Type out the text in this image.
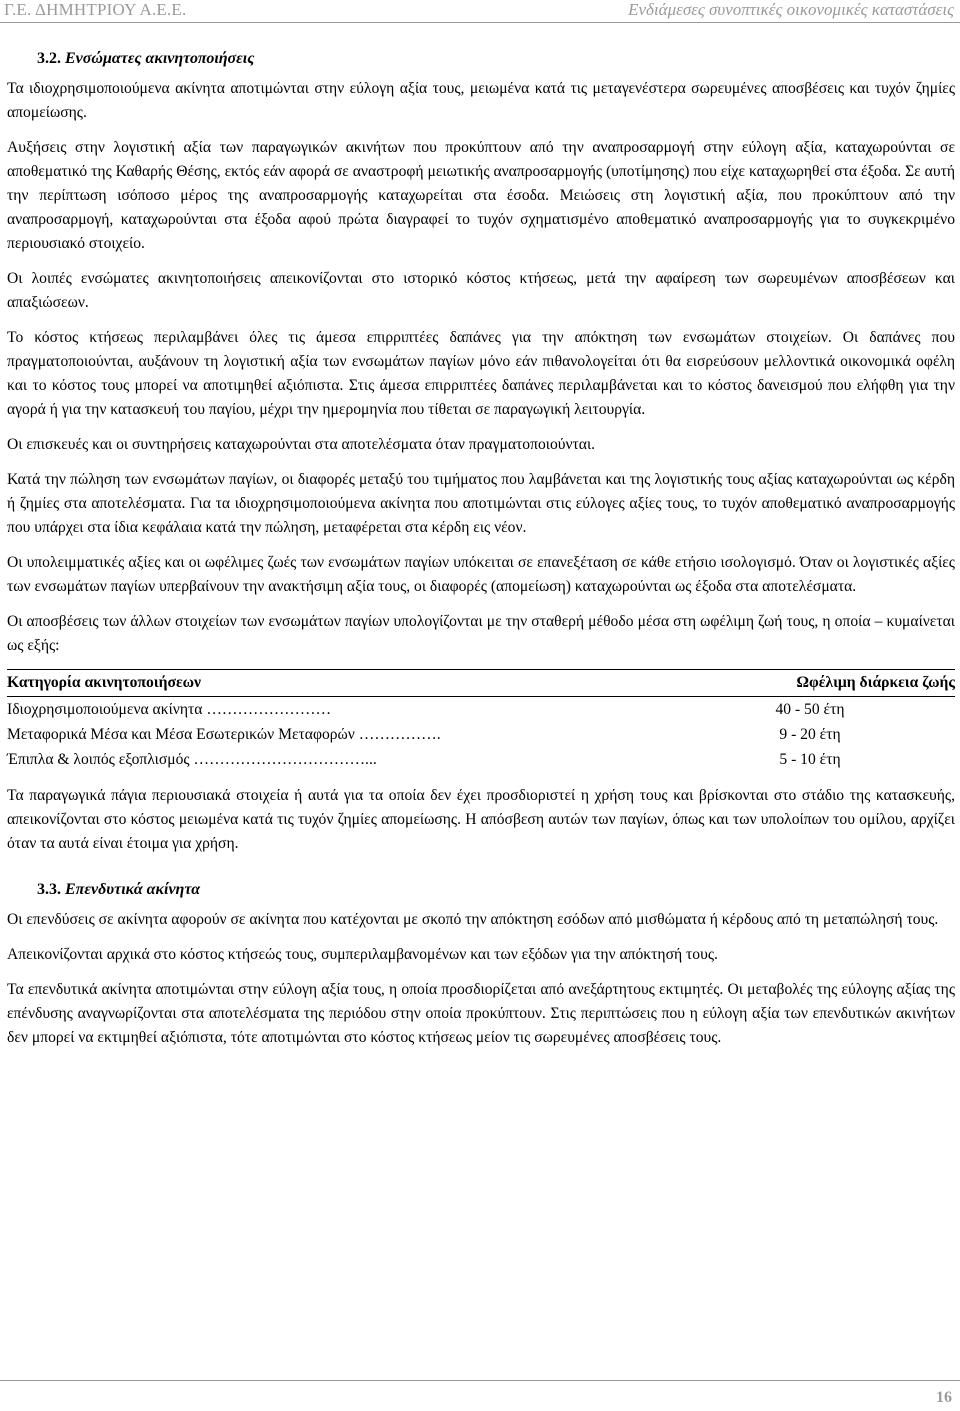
Γ.Ε. ΔΗΜΗΤΡΙΟΥ Α.Ε.Ε.	Ενδιάμεσες συνοπτικές οικονομικές καταστάσεις
3.2. Ενσώματες ακινητοποιήσεις

Τα ιδιοχρησιμοποιούμενα ακίνητα αποτιμώνται στην εύλογη αξία τους, μειωμένα κατά τις μεταγενέστερα σωρευμένες αποσβέσεις και τυχόν ζημίες απομείωσης.

Αυξήσεις στην λογιστική αξία των παραγωγικών ακινήτων που προκύπτουν από την αναπροσαρμογή στην εύλογη αξία, καταχωρούνται σε αποθεματικό της Καθαρής Θέσης, εκτός εάν αφορά σε αναστροφή μειωτικής αναπροσαρμογής (υποτίμησης) που είχε καταχωρηθεί στα έξοδα. Σε αυτή την περίπτωση ισόποσο μέρος της αναπροσαρμογής καταχωρείται στα έσοδα. Μειώσεις στη λογιστική αξία, που προκύπτουν από την αναπροσαρμογή, καταχωρούνται στα έξοδα αφού πρώτα διαγραφεί το τυχόν σχηματισμένο αποθεματικό αναπροσαρμογής για το συγκεκριμένο περιουσιακό στοιχείο.

Οι λοιπές ενσώματες ακινητοποιήσεις απεικονίζονται στο ιστορικό κόστος κτήσεως, μετά την αφαίρεση των σωρευμένων αποσβέσεων και απαξιώσεων.

Το κόστος κτήσεως περιλαμβάνει όλες τις άμεσα επιρριπτέες δαπάνες για την απόκτηση των ενσωμάτων στοιχείων. Οι δαπάνες που πραγματοποιούνται, αυξάνουν τη λογιστική αξία των ενσωμάτων παγίων μόνο εάν πιθανολογείται ότι θα εισρεύσουν μελλοντικά οικονομικά οφέλη και το κόστος τους μπορεί να αποτιμηθεί αξιόπιστα. Στις άμεσα επιρριπτέες δαπάνες περιλαμβάνεται και το κόστος δανεισμού που ελήφθη για την αγορά ή για την κατασκευή του παγίου, μέχρι την ημερομηνία που τίθεται σε παραγωγική λειτουργία.

Οι επισκευές και οι συντηρήσεις καταχωρούνται στα αποτελέσματα όταν πραγματοποιούνται.

Κατά την πώληση των ενσωμάτων παγίων, οι διαφορές μεταξύ του τιμήματος που λαμβάνεται και της λογιστικής τους αξίας καταχωρούνται ως κέρδη ή ζημίες στα αποτελέσματα. Για τα ιδιοχρησιμοποιούμενα ακίνητα που αποτιμώνται στις εύλογες αξίες τους, το τυχόν αποθεματικό αναπροσαρμογής που υπάρχει στα ίδια κεφάλαια κατά την πώληση, μεταφέρεται στα κέρδη εις νέον.

Οι υπολειμματικές αξίες και οι ωφέλιμες ζωές των ενσωμάτων παγίων υπόκειται σε επανεξέταση σε κάθε ετήσιο ισολογισμό. Όταν οι λογιστικές αξίες των ενσωμάτων παγίων υπερβαίνουν την ανακτήσιμη αξία τους, οι διαφορές (απομείωση) καταχωρούνται ως έξοδα στα αποτελέσματα.

Οι αποσβέσεις των άλλων στοιχείων των ενσωμάτων παγίων υπολογίζονται με την σταθερή μέθοδο μέσα στη ωφέλιμη ζωή τους, η οποία – κυμαίνεται ως εξής:

Κατηγορία ακινητοποιήσεων	Ωφέλιμη διάρκεια ζωής
Ιδιοχρησιμοποιούμενα ακίνητα ……………………	40 - 50 έτη
Μεταφορικά Μέσα και Μέσα Εσωτερικών Μεταφορών …………….	9 - 20 έτη
Έπιπλα & λοιπός εξοπλισμός ……………………………...	5 - 10 έτη

Τα παραγωγικά πάγια περιουσιακά στοιχεία ή αυτά για τα οποία δεν έχει προσδιοριστεί η χρήση τους και βρίσκονται στο στάδιο της κατασκευής, απεικονίζονται στο κόστος μειωμένα κατά τις τυχόν ζημίες απομείωσης. Η απόσβεση αυτών των παγίων, όπως και των υπολοίπων του ομίλου, αρχίζει όταν τα αυτά είναι έτοιμα για χρήση.

3.3. Επενδυτικά ακίνητα

Οι επενδύσεις σε ακίνητα αφορούν σε ακίνητα που κατέχονται με σκοπό την απόκτηση εσόδων από μισθώματα ή κέρδους από τη μεταπώλησή τους.

Απεικονίζονται αρχικά στο κόστος κτήσεώς τους, συμπεριλαμβανομένων και των εξόδων για την απόκτησή τους.

Τα επενδυτικά ακίνητα αποτιμώνται στην εύλογη αξία τους, η οποία προσδιορίζεται από ανεξάρτητους εκτιμητές. Οι μεταβολές της εύλογης αξίας της επένδυσης αναγνωρίζονται στα αποτελέσματα της περιόδου στην οποία προκύπτουν. Στις περιπτώσεις που η εύλογη αξία των επενδυτικών ακινήτων δεν μπορεί να εκτιμηθεί αξιόπιστα, τότε αποτιμώνται στο κόστος κτήσεως μείον τις σωρευμένες αποσβέσεις τους.

16
